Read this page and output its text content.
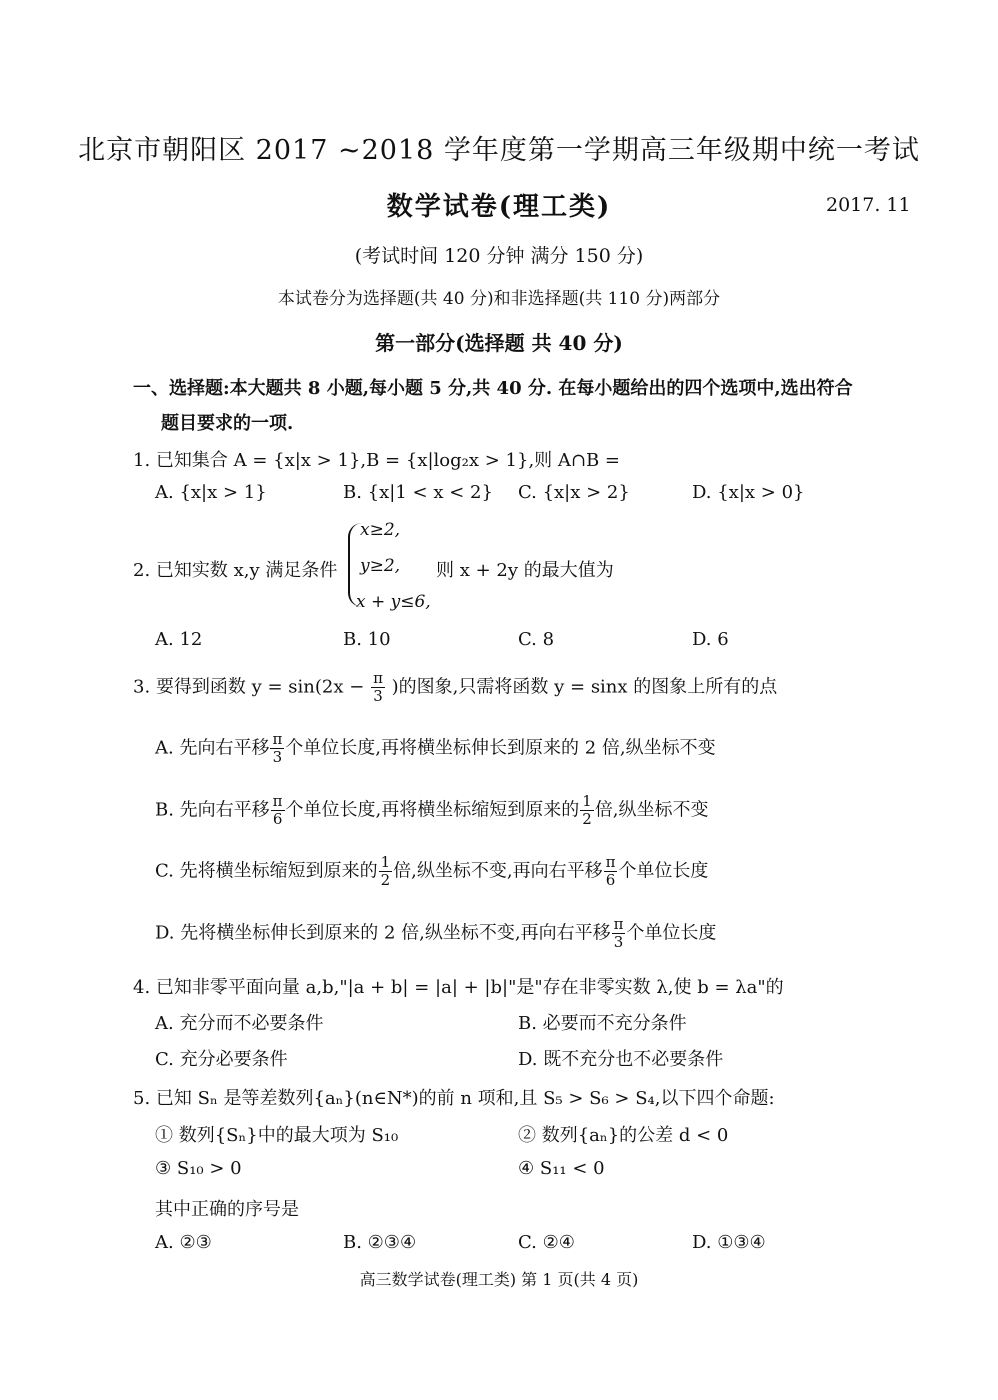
北京市朝阳区 2017 ~2018 学年度第一学期高三年级期中统一考试
数学试卷(理工类)	2017. 11
(考试时间 120 分钟 满分 150 分)
本试卷分为选择题(共 40 分)和非选择题(共 110 分)两部分
第一部分(选择题 共 40 分)
一、选择题:本大题共 8 小题,每小题 5 分,共 40 分. 在每小题给出的四个选项中,选出符合
题目要求的一项.
1. 已知集合 A = {x|x > 1},B = {x|log₂x > 1},则 A∩B =
A. {x|x > 1}	B. {x|1 < x < 2} C. {x|x > 2}	D. {x|x > 0}
2. 已知实数 x,y 满足条件
x≥2,
y≥2,
x + y≤6,
则 x + 2y 的最大值为
A. 12	B. 10	C. 8	D. 6
3. 要得到函数 $y = \sin(2x - \frac{\pi}{3}$ )的图象,只需将函数 y = sinx 的图象上所有的点
A. 先向右平移 $\frac{\pi}{3}$ 个单位长度,再将横坐标伸长到原来的 2 倍,纵坐标不变
B. 先向右平移 $\frac{\pi}{6}$ 个单位长度,再将横坐标缩短到原来的 $\frac{1}{2}$ 倍,纵坐标不变
C. 先将横坐标缩短到原来的 $\frac{1}{2}$ 倍,纵坐标不变,再向右平移 $\frac{\pi}{6}$ 个单位长度
D. 先将横坐标伸长到原来的 2 倍,纵坐标不变,再向右平移 $\frac{\pi}{3}$ 个单位长度
4. 已知非零平面向量 a,b,"|a + b| = |a| + |b|"是"存在非零实数 λ,使 b = λa"的
A. 充分而不必要条件	B. 必要而不充分条件
C. 充分必要条件	D. 既不充分也不必要条件
5. 已知 Sₙ 是等差数列{aₙ}(n∈N*)的前 n 项和,且 S₅ > S₆ > S₄,以下四个命题:
① 数列{Sₙ}中的最大项为 S₁₀	② 数列{aₙ}的公差 d < 0
③ S₁₀ > 0	④ S₁₁ < 0
其中正确的序号是
A. ②③	B. ②③④	C. ②④	D. ①③④
高三数学试卷(理工类) 第 1 页(共 4 页)
